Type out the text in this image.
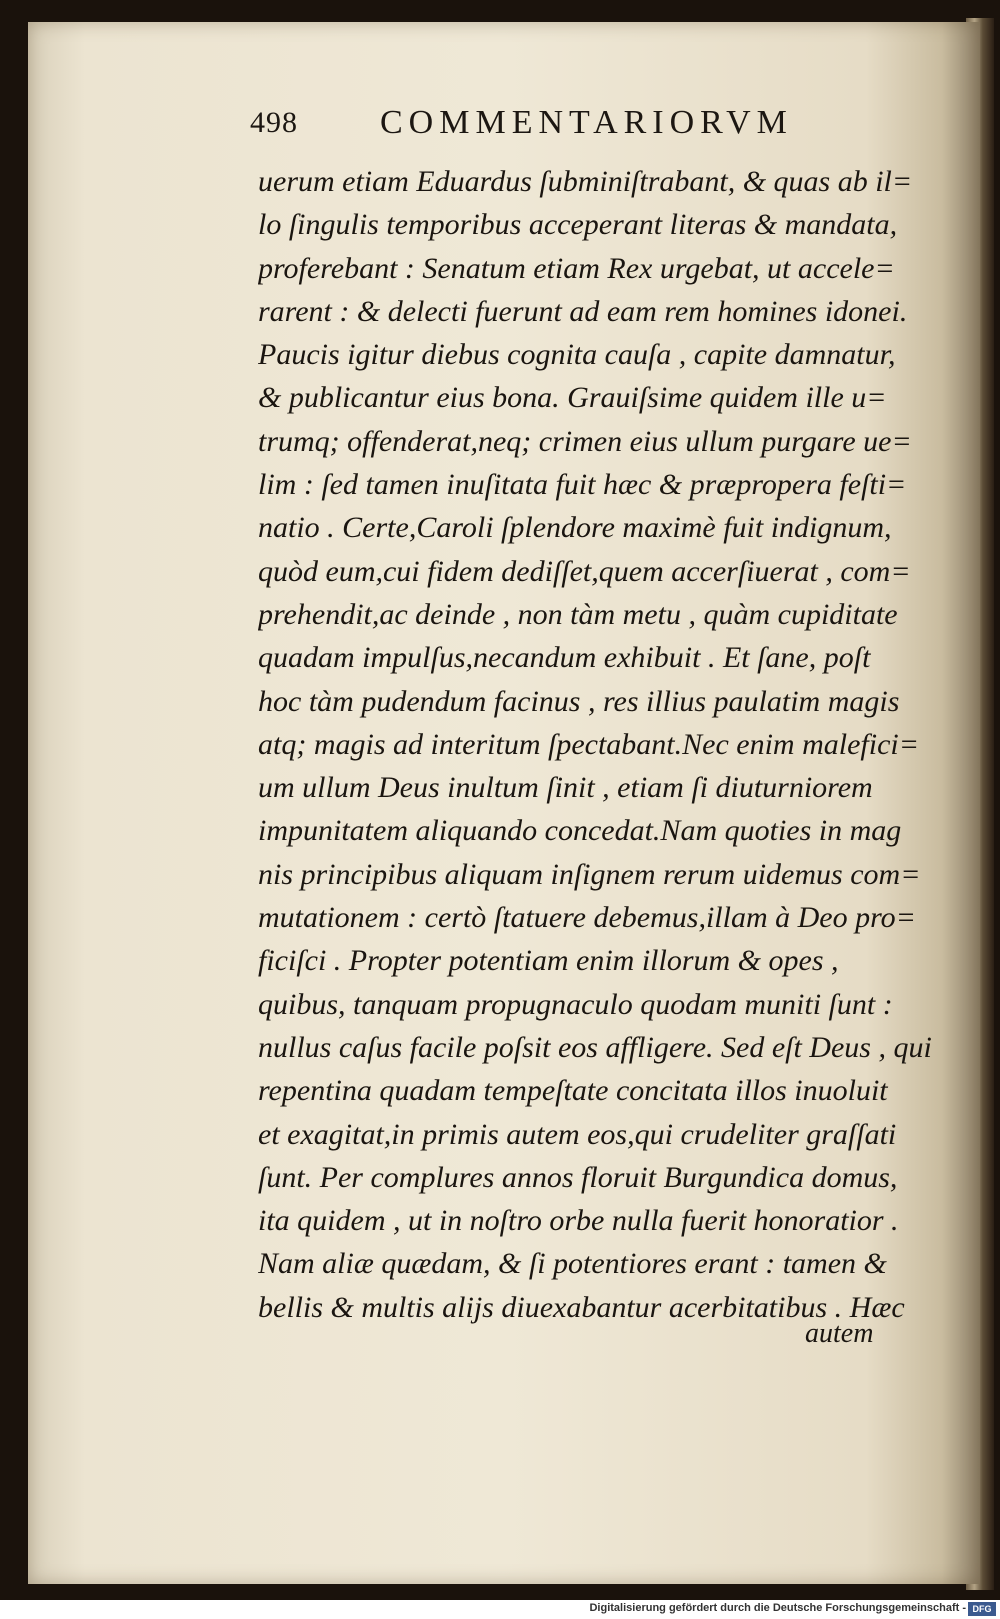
498 COMMENTARIORVM
uerum etiam Eduardus ſubminiſtrabant, & quas ab il=
lo ſingulis temporibus acceperant literas & mandata,
proferebant : Senatum etiam Rex urgebat, ut accele=
rarent : & delecti fuerunt ad eam rem homines idonei.
Paucis igitur diebus cognita cauſa , capite damnatur,
& publicantur eius bona. Grauiſsime quidem ille u=
trumq; offenderat,neq; crimen eius ullum purgare ue=
lim : ſed tamen inuſitata fuit hæc & præpropera feſti=
natio . Certe,Caroli ſplendore maximè fuit indignum,
quòd eum,cui fidem dediſſet,quem accerſiuerat , com=
prehendit,ac deinde , non tàm metu , quàm cupiditate
quadam impulſus,necandum exhibuit . Et ſane, poſt
hoc tàm pudendum facinus , res illius paulatim magis
atq; magis ad interitum ſpectabant.Nec enim malefici=
um ullum Deus inultum ſinit , etiam ſi diuturniorem
impunitatem aliquando concedat.Nam quoties in mag
nis principibus aliquam inſignem rerum uidemus com=
mutationem : certò ſtatuere debemus,illam à Deo pro=
ficiſci . Propter potentiam enim illorum & opes ,
quibus, tanquam propugnaculo quodam muniti ſunt :
nullus caſus facile poſsit eos affligere. Sed eſt Deus , qui
repentina quadam tempeſtate concitata illos inuoluit
et exagitat,in primis autem eos,qui crudeliter graſſati
ſunt. Per complures annos floruit Burgundica domus,
ita quidem , ut in noſtro orbe nulla fuerit honoratior .
Nam aliæ quædam, & ſi potentiores erant : tamen &
bellis & multis alijs diuexabantur acerbitatibus . Hæc
autem
Digitalisierung gefördert durch die Deutsche Forschungsgemeinschaft - DFG
